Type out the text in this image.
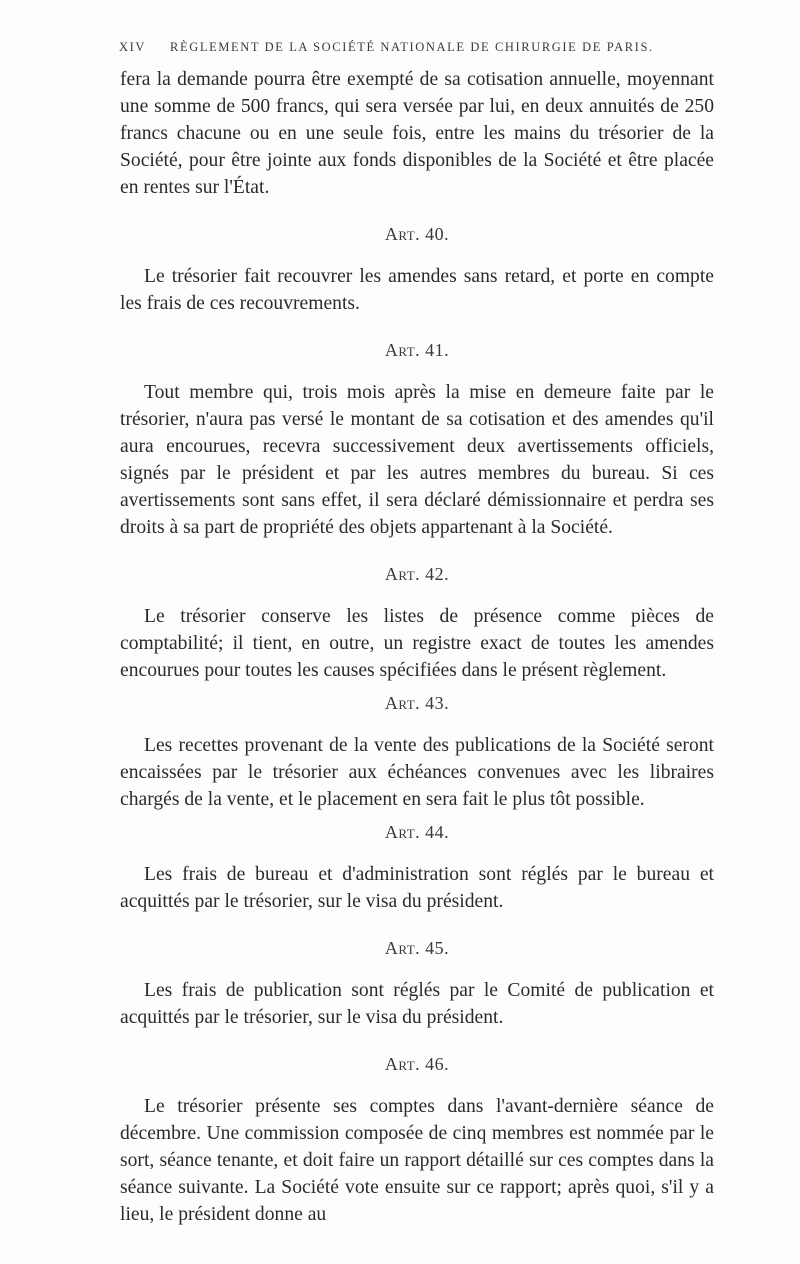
XIV RÈGLEMENT DE LA SOCIÉTÉ NATIONALE DE CHIRURGIE DE PARIS.

fera la demande pourra être exempté de sa cotisation annuelle, moyennant une somme de 500 francs, qui sera versée par lui, en deux annuités de 250 francs chacune ou en une seule fois, entre les mains du trésorier de la Société, pour être jointe aux fonds disponibles de la Société et être placée en rentes sur l'État.

Art. 40.

Le trésorier fait recouvrer les amendes sans retard, et porte en compte les frais de ces recouvrements.

Art. 41.

Tout membre qui, trois mois après la mise en demeure faite par le trésorier, n'aura pas versé le montant de sa cotisation et des amendes qu'il aura encourues, recevra successivement deux avertissements officiels, signés par le président et par les autres membres du bureau. Si ces avertissements sont sans effet, il sera déclaré démissionnaire et perdra ses droits à sa part de propriété des objets appartenant à la Société.

Art. 42.

Le trésorier conserve les listes de présence comme pièces de comptabilité; il tient, en outre, un registre exact de toutes les amendes encourues pour toutes les causes spécifiées dans le présent règlement.

Art. 43.

Les recettes provenant de la vente des publications de la Société seront encaissées par le trésorier aux échéances convenues avec les libraires chargés de la vente, et le placement en sera fait le plus tôt possible.

Art. 44.

Les frais de bureau et d'administration sont réglés par le bureau et acquittés par le trésorier, sur le visa du président.

Art. 45.

Les frais de publication sont réglés par le Comité de publication et acquittés par le trésorier, sur le visa du président.

Art. 46.

Le trésorier présente ses comptes dans l'avant-dernière séance de décembre. Une commission composée de cinq membres est nommée par le sort, séance tenante, et doit faire un rapport détaillé sur ces comptes dans la séance suivante. La Société vote ensuite sur ce rapport; après quoi, s'il y a lieu, le président donne au
